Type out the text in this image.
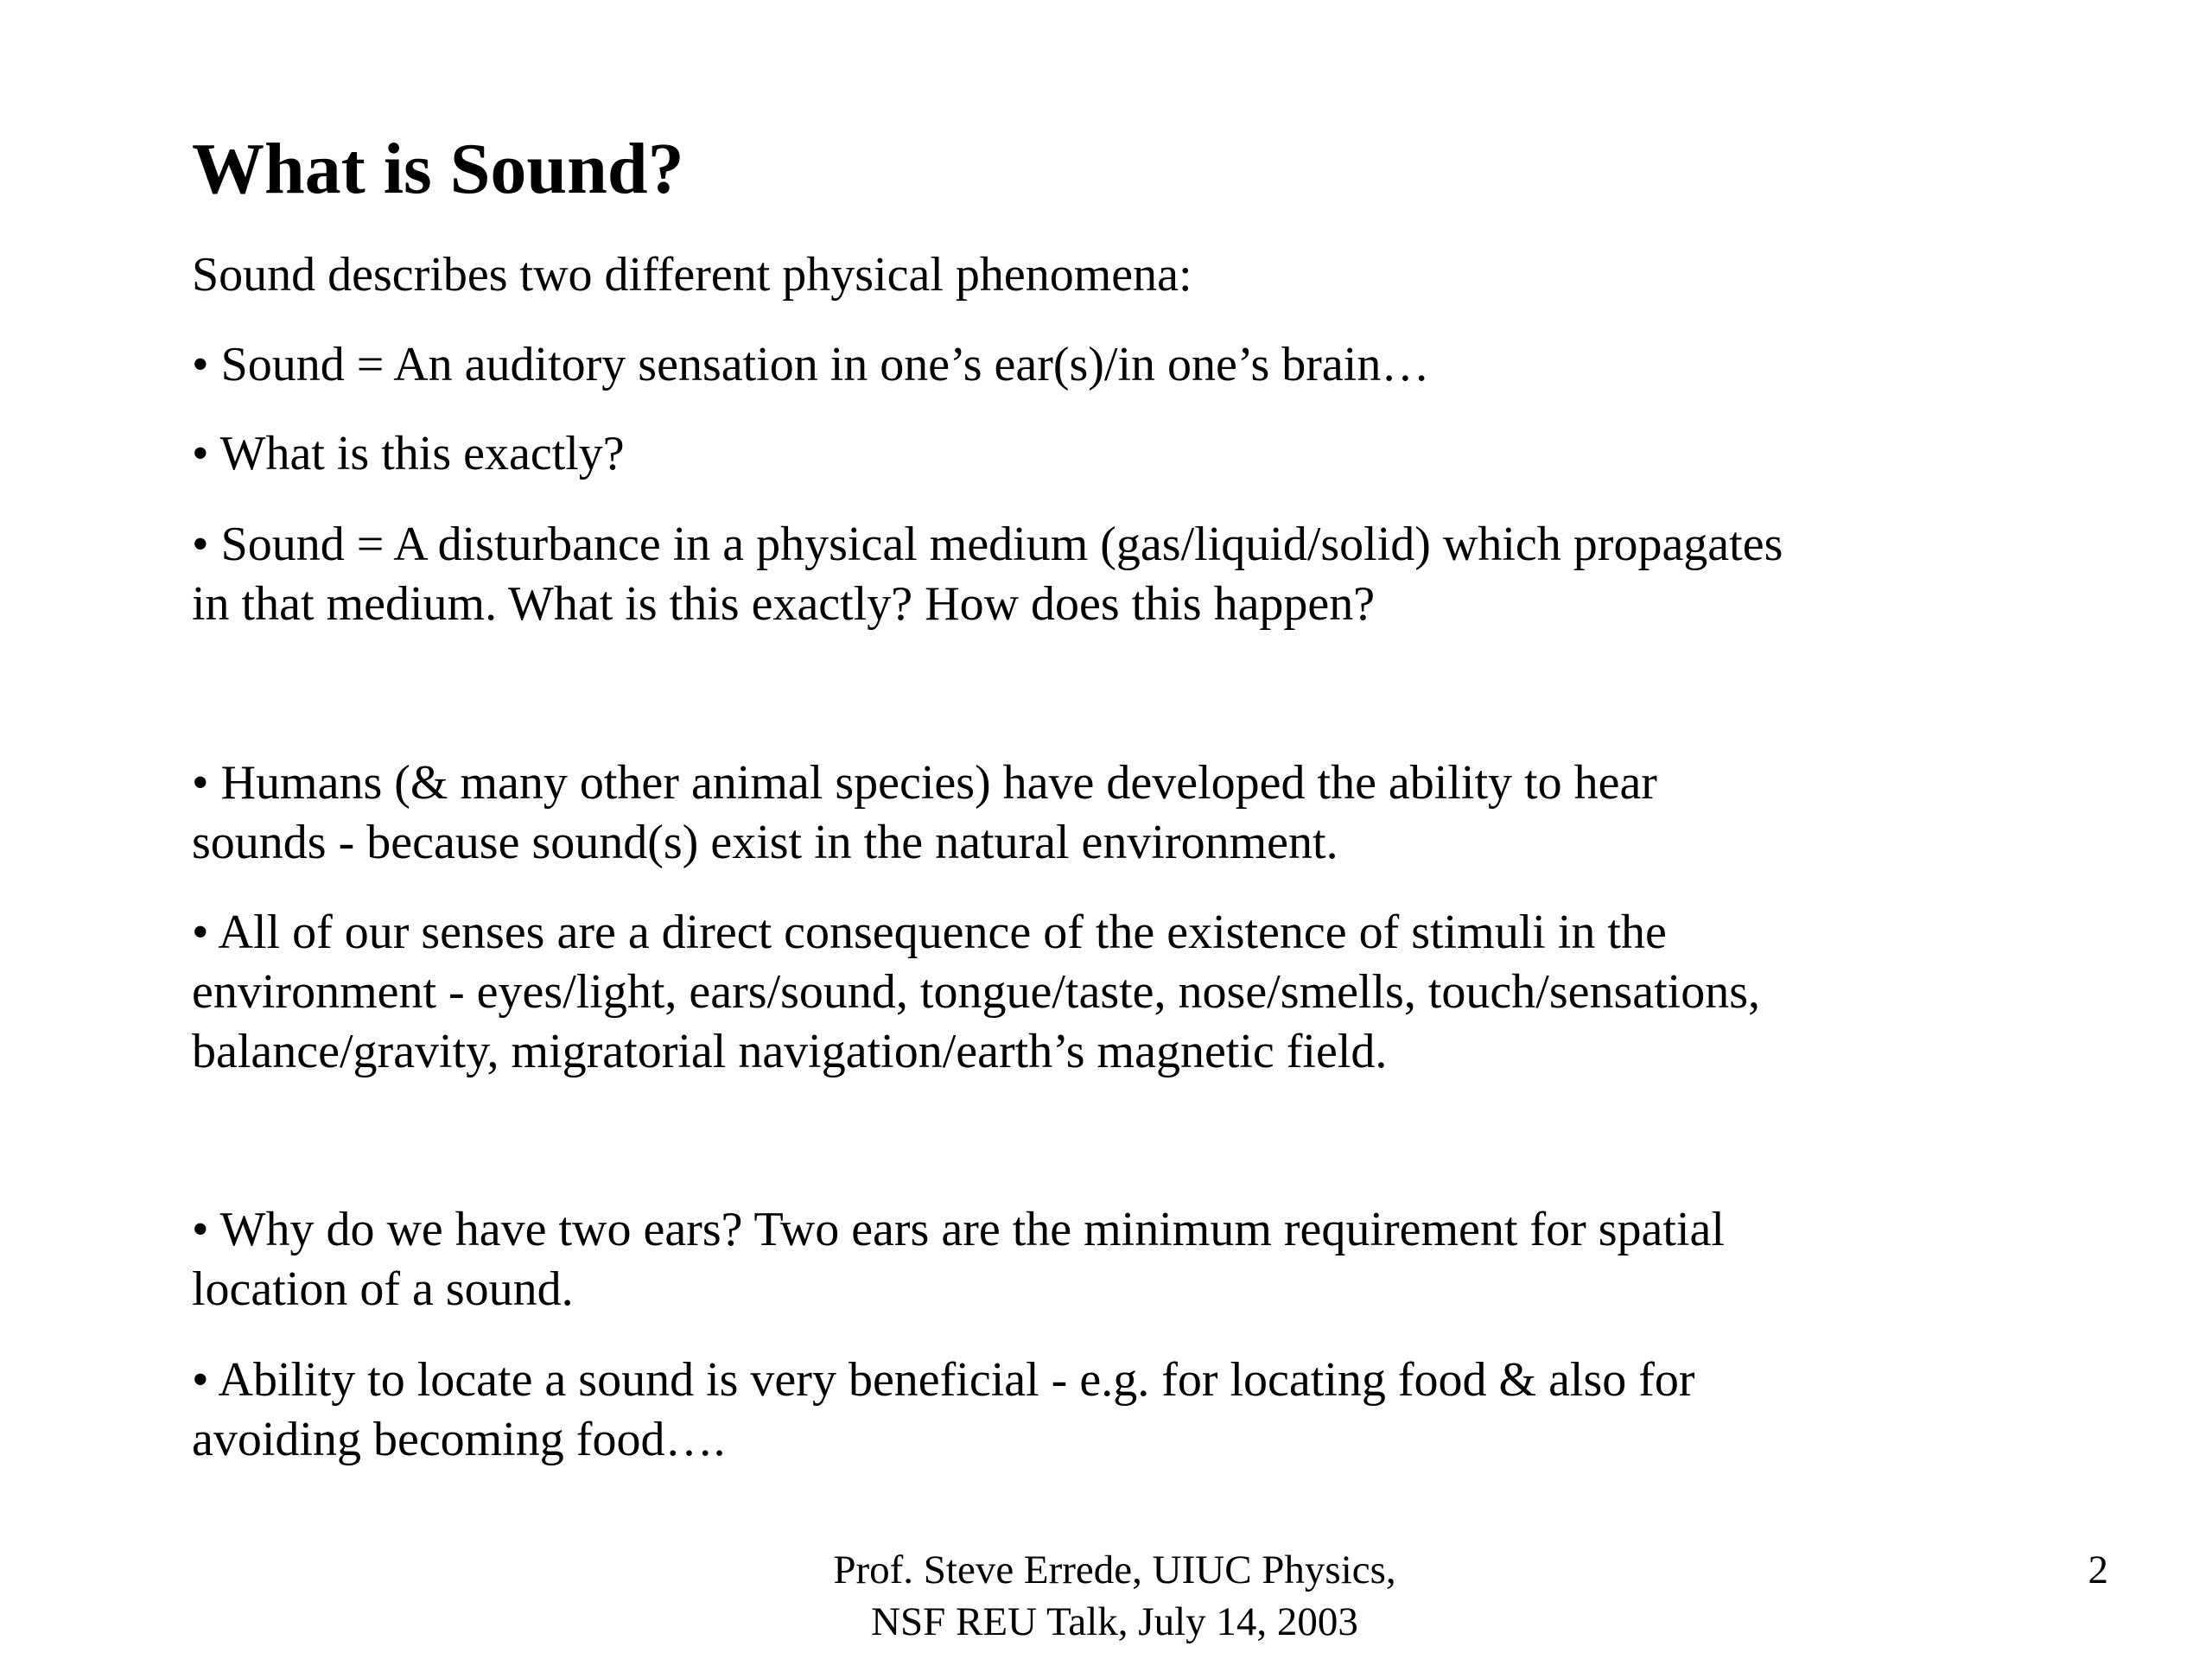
What is Sound?

Sound describes two different physical phenomena:

• Sound = An auditory sensation in one’s ear(s)/in one’s brain…

• What is this exactly?

• Sound = A disturbance in a physical medium (gas/liquid/solid) which propagates
in that medium. What is this exactly? How does this happen?

• Humans (& many other animal species) have developed the ability to hear
sounds - because sound(s) exist in the natural environment.

• All of our senses are a direct consequence of the existence of stimuli in the
environment - eyes/light, ears/sound, tongue/taste, nose/smells, touch/sensations,
balance/gravity, migratorial navigation/earth’s magnetic field.

• Why do we have two ears? Two ears are the minimum requirement for spatial
location of a sound.

• Ability to locate a sound is very beneficial - e.g. for locating food & also for
avoiding becoming food….

Prof. Steve Errede, UIUC Physics,
NSF REU Talk, July 14, 2003
2
